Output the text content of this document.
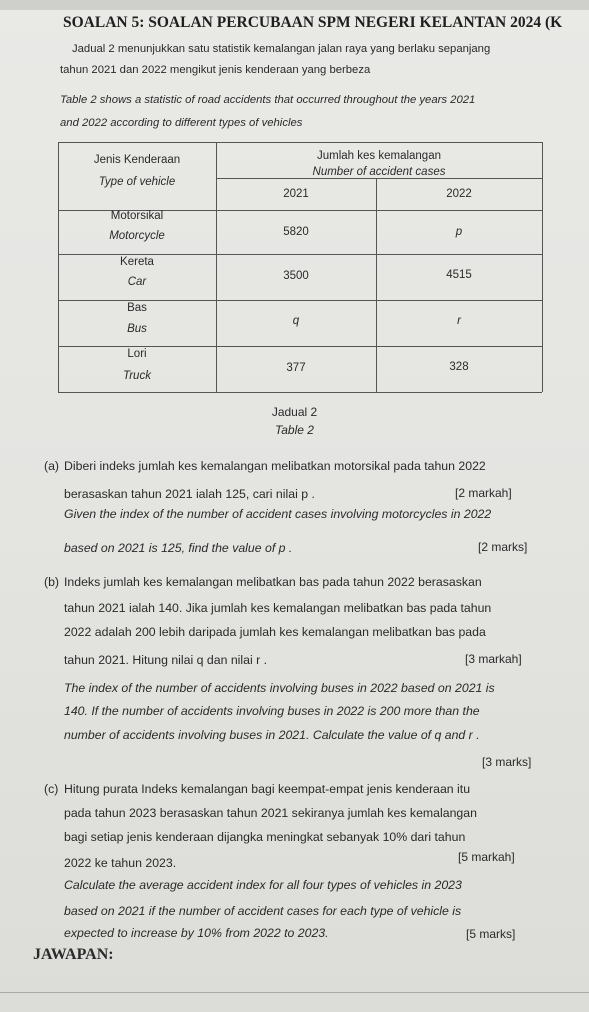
SOALAN 5: SOALAN PERCUBAAN SPM NEGERI KELANTAN 2024 (K
Jadual 2 menunjukkan satu statistik kemalangan jalan raya yang berlaku sepanjang
tahun 2021 dan 2022 mengikut jenis kenderaan yang berbeza
Table 2 shows a statistic of road accidents that occurred throughout the years 2021
and 2022 according to different types of vehicles
Jenis Kenderaan
Type of vehicle
Jumlah kes kemalangan
Number of accident cases
2021	2022
Motorsikal
Motorcycle	5820	p
Kereta
Car	3500	4515
Bas
Bus
q	r
Lori
Truck
377	328
Jadual 2
Table 2
(a) Diberi indeks jumlah kes kemalangan melibatkan motorsikal pada tahun 2022
berasaskan tahun 2021 ialah 125, cari nilai p .	[2 markah]
Given the index of the number of accident cases involving motorcycles in 2022
based on 2021 is 125, find the value of p .	[2 marks]
(b) Indeks jumlah kes kemalangan melibatkan bas pada tahun 2022 berasaskan
tahun 2021 ialah 140. Jika jumlah kes kemalangan melibatkan bas pada tahun
2022 adalah 200 lebih daripada jumlah kes kemalangan melibatkan bas pada
tahun 2021. Hitung nilai q dan nilai r .	[3 markah]
The index of the number of accidents involving buses in 2022 based on 2021 is
140. If the number of accidents involving buses in 2022 is 200 more than the
number of accidents involving buses in 2021. Calculate the value of q and r .
[3 marks]
(c) Hitung purata Indeks kemalangan bagi keempat-empat jenis kenderaan itu
pada tahun 2023 berasaskan tahun 2021 sekiranya jumlah kes kemalangan
bagi setiap jenis kenderaan dijangka meningkat sebanyak 10% dari tahun
2022 ke tahun 2023.	[5 markah]
Calculate the average accident index for all four types of vehicles in 2023
based on 2021 if the number of accident cases for each type of vehicle is
expected to increase by 10% from 2022 to 2023.	[5 marks]
JAWAPAN:
